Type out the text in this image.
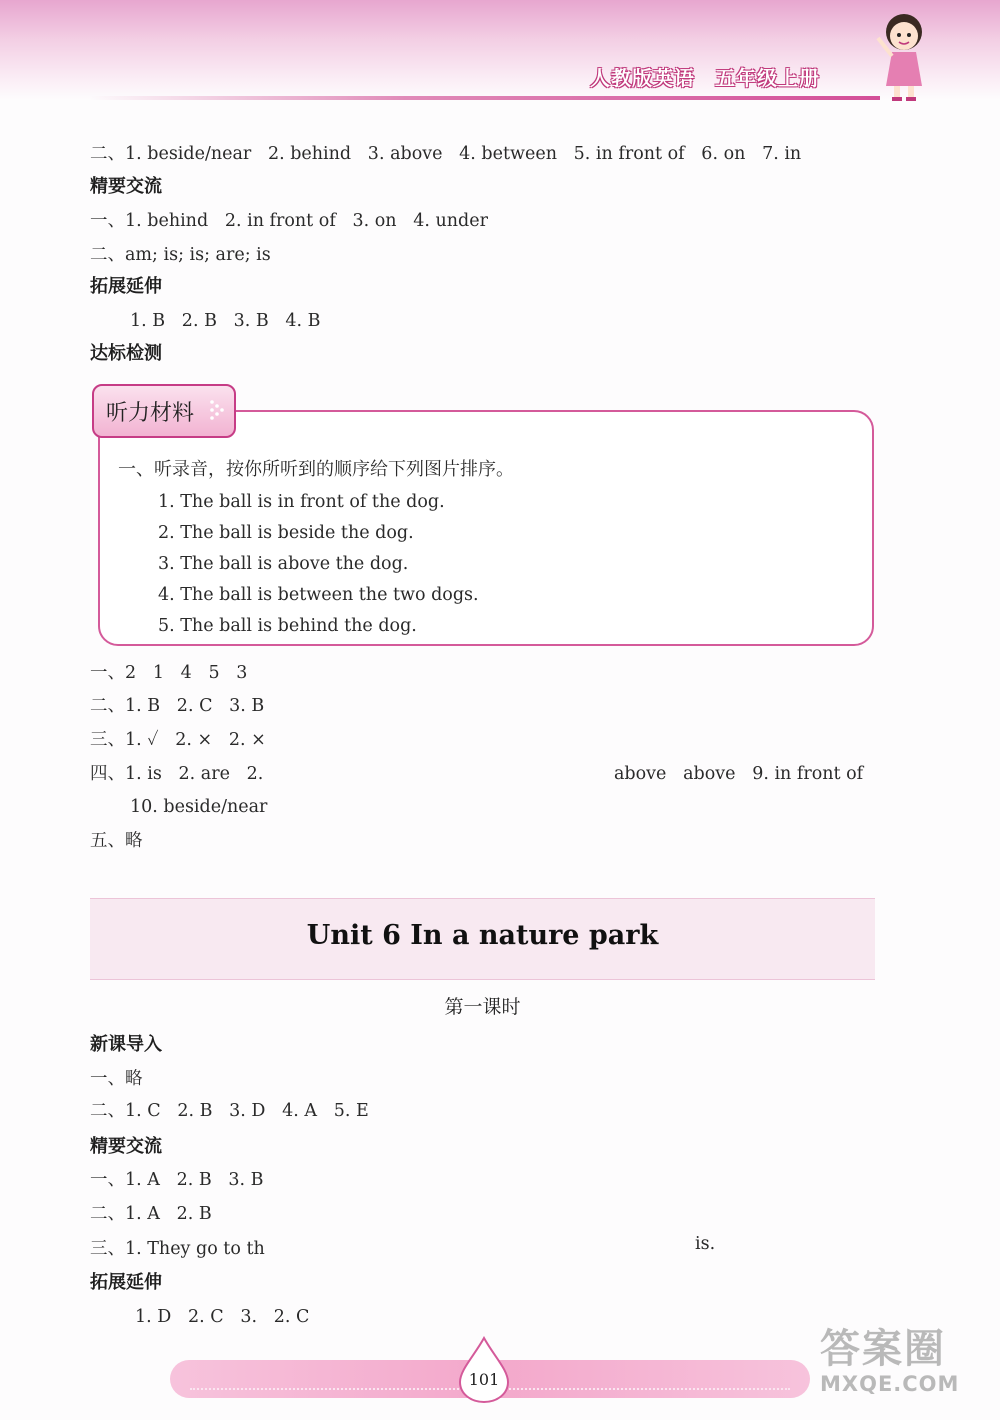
人教版英语 五年级上册
二、1. beside/near   2. behind   3. above   4. between   5. in front of   6. on   7. in
精要交流
一、1. behind   2. in front of   3. on   4. under
二、am; is; is; are; is
拓展延伸
1. B   2. B   3. B   4. B
达标检测
听力材料
一、听录音，按你所听到的顺序给下列图片排序。
1. The ball is in front of the dog.
2. The ball is beside the dog.
3. The ball is above the dog.
4. The ball is between the two dogs.
5. The ball is behind the dog.
一、2   1   4   5   3
二、1. B   2. C   3. B
三、1. ✓   2. ×   2. ×
四、1. is   2. are   2.	above   above   9. in front of
10. beside/near
五、略
Unit 6 In a nature park
第一课时
新课导入
一、略
二、1. C   2. B   3. D   4. A   5. E
精要交流
一、1. A   2. B   3. B
二、1. A   2. B
三、1. They go to th	is.
拓展延伸
1. D   2. C   3.   2. C
101
答案圈
MXQE.COM
